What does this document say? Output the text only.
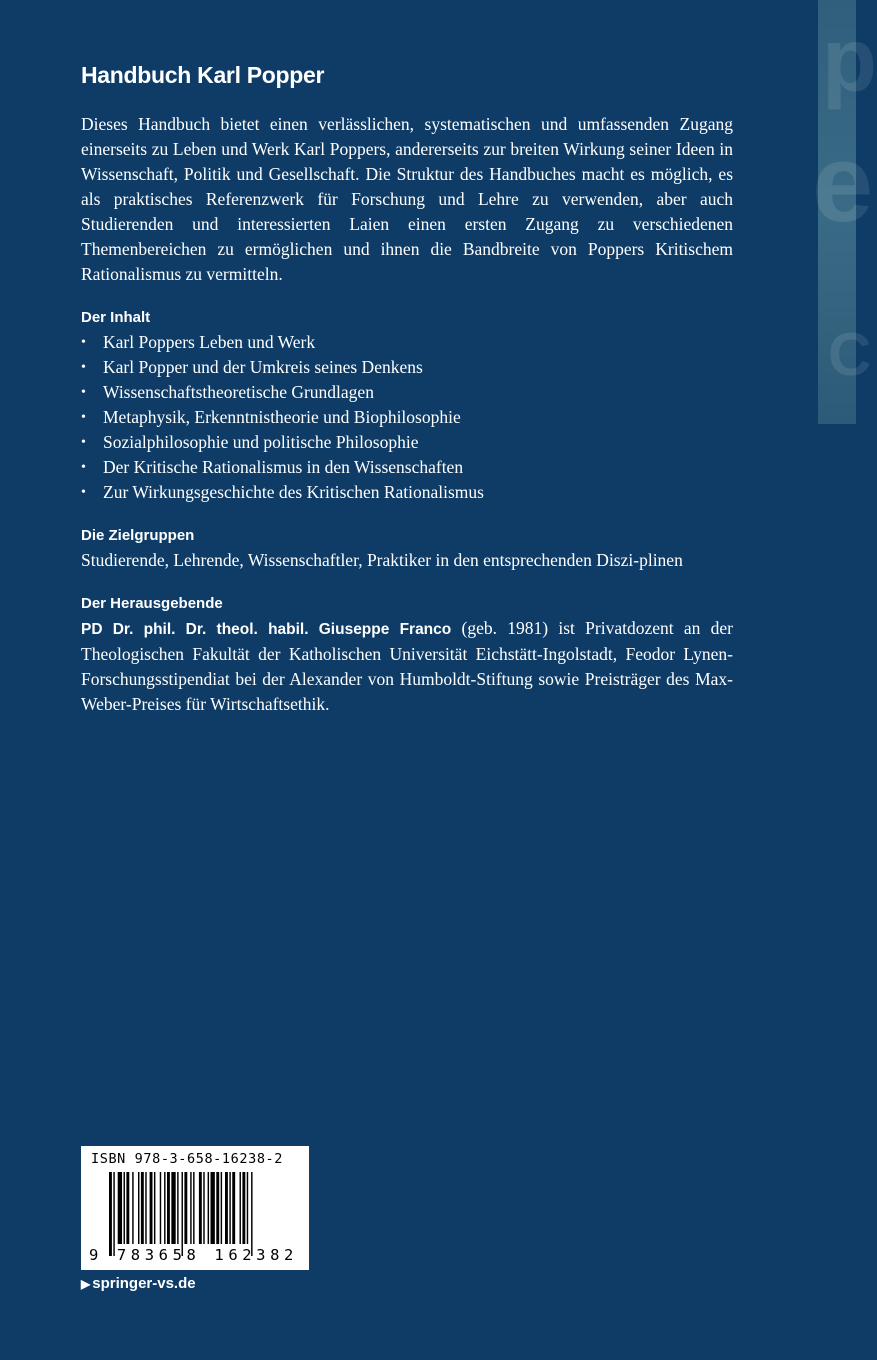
p
e
C
Handbuch Karl Popper

Dieses Handbuch bietet einen verlässlichen, systematischen und umfassenden Zugang einerseits zu Leben und Werk Karl Poppers, andererseits zur breiten Wirkung seiner Ideen in Wissenschaft, Politik und Gesellschaft. Die Struktur des Handbuches macht es möglich, es als praktisches Referenzwerk für Forschung und Lehre zu verwenden, aber auch Studierenden und interessierten Laien einen ersten Zugang zu verschiedenen Themenbereichen zu ermöglichen und ihnen die Bandbreite von Poppers Kritischem Rationalismus zu vermitteln.

Der Inhalt
• Karl Poppers Leben und Werk
• Karl Popper und der Umkreis seines Denkens
• Wissenschaftstheoretische Grundlagen
• Metaphysik, Erkenntnistheorie und Biophilosophie
• Sozialphilosophie und politische Philosophie
• Der Kritische Rationalismus in den Wissenschaften
• Zur Wirkungsgeschichte des Kritischen Rationalismus
Die Zielgruppen

Studierende, Lehrende, Wissenschaftler, Praktiker in den entsprechenden Diszi-plinen

Der Herausgebende

PD Dr. phil. Dr. theol. habil. Giuseppe Franco (geb. 1981) ist Privatdozent an der Theologischen Fakultät der Katholischen Universität Eichstätt-Ingolstadt, Feodor Lynen-Forschungsstipendiat bei der Alexander von Humboldt-Stiftung sowie Preisträger des Max-Weber-Preises für Wirtschaftsethik.

ISBN 978-3-658-16238-2
9 783658 162382
▶ springer-vs.de
